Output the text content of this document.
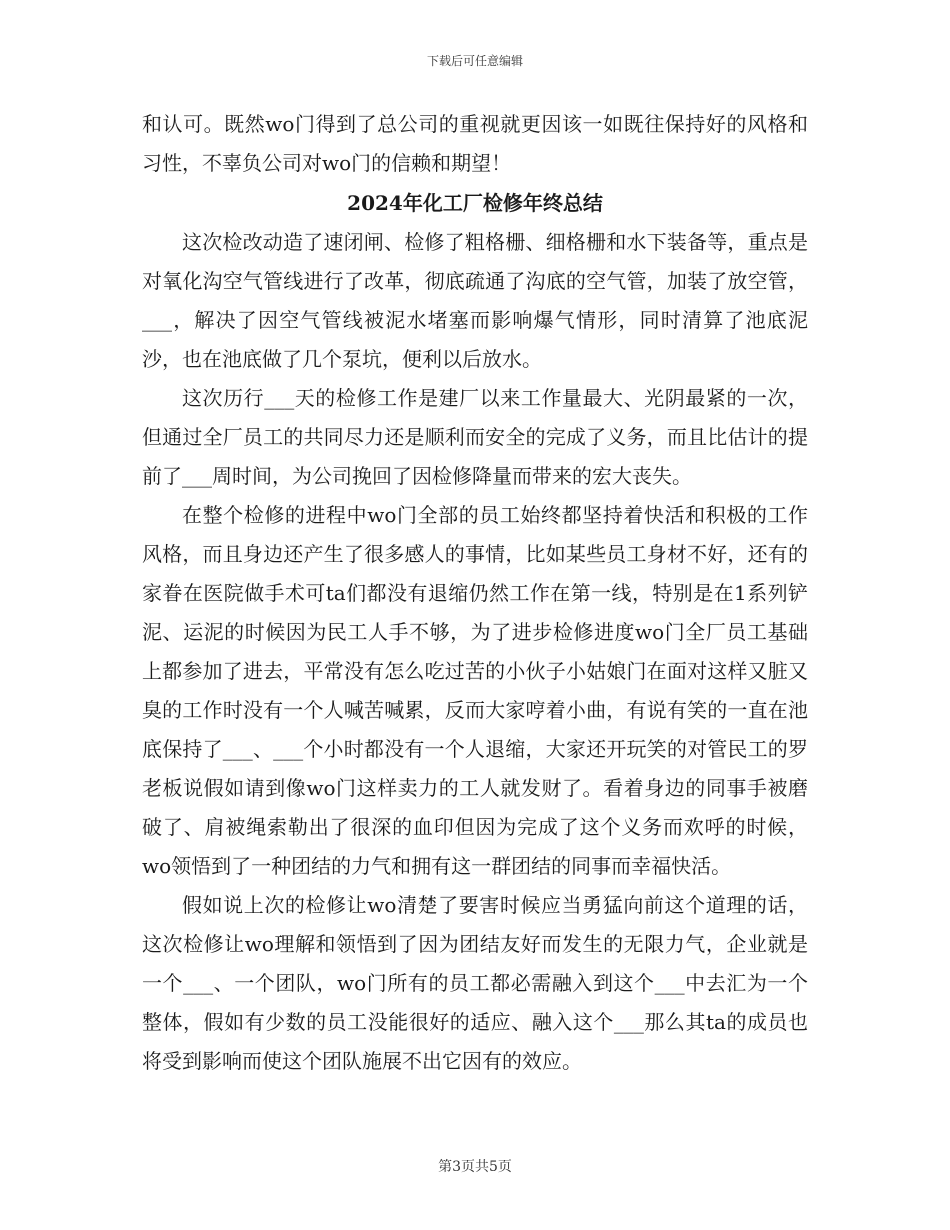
下载后可任意编辑

和认可。既然wo门得到了总公司的重视就更因该一如既往保持好的风格和习性，不辜负公司对wo门的信赖和期望！

2024年化工厂检修年终总结

这次检改动造了速闭闸、检修了粗格栅、细格栅和水下装备等，重点是对氧化沟空气管线进行了改革，彻底疏通了沟底的空气管，加装了放空管，___，解决了因空气管线被泥水堵塞而影响爆气情形，同时清算了池底泥沙，也在池底做了几个泵坑，便利以后放水。

这次历行___天的检修工作是建厂以来工作量最大、光阴最紧的一次，但通过全厂员工的共同尽力还是顺利而安全的完成了义务，而且比估计的提前了___周时间，为公司挽回了因检修降量而带来的宏大丧失。

在整个检修的进程中wo门全部的员工始终都坚持着快活和积极的工作风格，而且身边还产生了很多感人的事情，比如某些员工身材不好，还有的家眷在医院做手术可ta们都没有退缩仍然工作在第一线，特别是在1系列铲泥、运泥的时候因为民工人手不够，为了进步检修进度wo门全厂员工基础上都参加了进去，平常没有怎么吃过苦的小伙子小姑娘门在面对这样又脏又臭的工作时没有一个人喊苦喊累，反而大家哼着小曲，有说有笑的一直在池底保持了___、___个小时都没有一个人退缩，大家还开玩笑的对管民工的罗老板说假如请到像wo门这样卖力的工人就发财了。看着身边的同事手被磨破了、肩被绳索勒出了很深的血印但因为完成了这个义务而欢呼的时候，wo领悟到了一种团结的力气和拥有这一群团结的同事而幸福快活。

假如说上次的检修让wo清楚了要害时候应当勇猛向前这个道理的话，这次检修让wo理解和领悟到了因为团结友好而发生的无限力气，企业就是一个___、一个团队，wo门所有的员工都必需融入到这个___中去汇为一个整体，假如有少数的员工没能很好的适应、融入这个___那么其ta的成员也将受到影响而使这个团队施展不出它因有的效应。

第3页共5页
